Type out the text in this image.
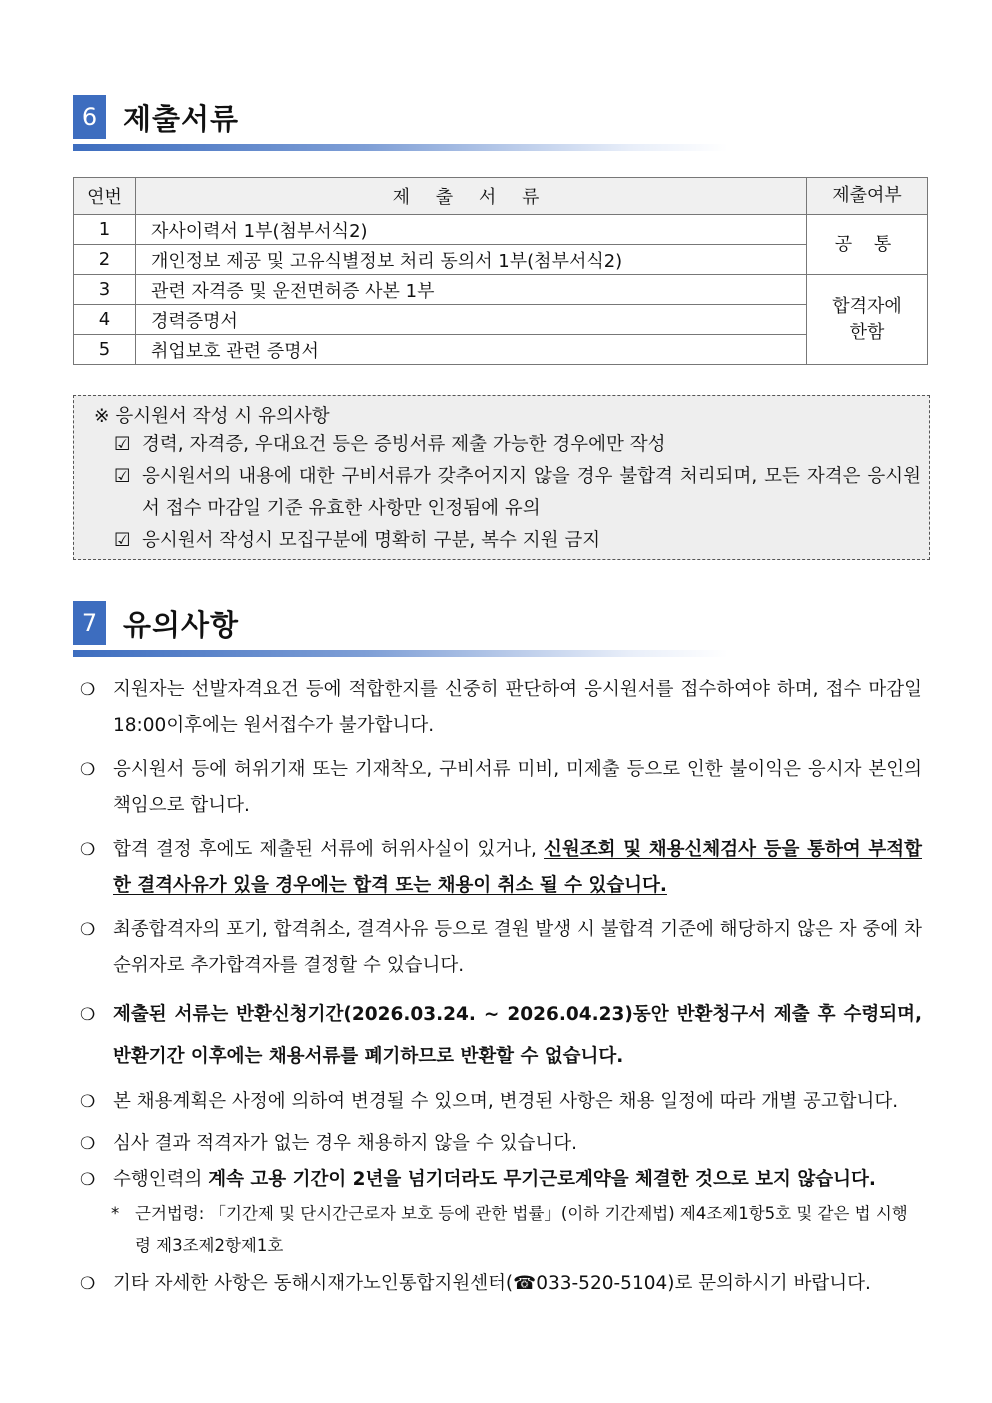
6 제출서류
연번	제 출 서 류	제출여부
1	자사이력서 1부(첨부서식2)	공 통
2	개인정보 제공 및 고유식별정보 처리 동의서 1부(첨부서식2)	
3	관련 자격증 및 운전면허증 사본 1부	합격자에
한함

4	경력증명서	
5	취업보호 관련 증명서	
※ 응시원서 작성 시 유의사항
☑ 경력, 자격증, 우대요건 등은 증빙서류 제출 가능한 경우에만 작성
☑ 응시원서의 내용에 대한 구비서류가 갖추어지지 않을 경우 불합격 처리되며, 모든 자격은 응시원서 접수 마감일 기준 유효한 사항만 인정됨에 유의
☑ 응시원서 작성시 모집구분에 명확히 구분, 복수 지원 금지
7 유의사항
❍ 지원자는 선발자격요건 등에 적합한지를 신중히 판단하여 응시원서를 접수하여야 하며, 접수 마감일 18:00이후에는 원서접수가 불가합니다.
❍ 응시원서 등에 허위기재 또는 기재착오, 구비서류 미비, 미제출 등으로 인한 불이익은 응시자 본인의 책임으로 합니다.
❍ 합격 결정 후에도 제출된 서류에 허위사실이 있거나, 신원조회 및 채용신체검사 등을 통하여 부적합한 결격사유가 있을 경우에는 합격 또는 채용이 취소 될 수 있습니다.
❍ 최종합격자의 포기, 합격취소, 결격사유 등으로 결원 발생 시 불합격 기준에 해당하지 않은 자 중에 차순위자로 추가합격자를 결정할 수 있습니다.
❍ 제출된 서류는 반환신청기간(2026.03.24. ~ 2026.04.23)동안 반환청구서 제출 후 수령되며, 반환기간 이후에는 채용서류를 폐기하므로 반환할 수 없습니다.
❍ 본 채용계획은 사정에 의하여 변경될 수 있으며, 변경된 사항은 채용 일정에 따라 개별 공고합니다.
❍ 심사 결과 적격자가 없는 경우 채용하지 않을 수 있습니다.
❍ 수행인력의 계속 고용 기간이 2년을 넘기더라도 무기근로계약을 체결한 것으로 보지 않습니다.
* 근거법령: 「기간제 및 단시간근로자 보호 등에 관한 법률」(이하 기간제법) 제4조제1항5호 및 같은 법 시행령 제3조제2항제1호
❍ 기타 자세한 사항은 동해시재가노인통합지원센터(☎033-520-5104)로 문의하시기 바랍니다.
